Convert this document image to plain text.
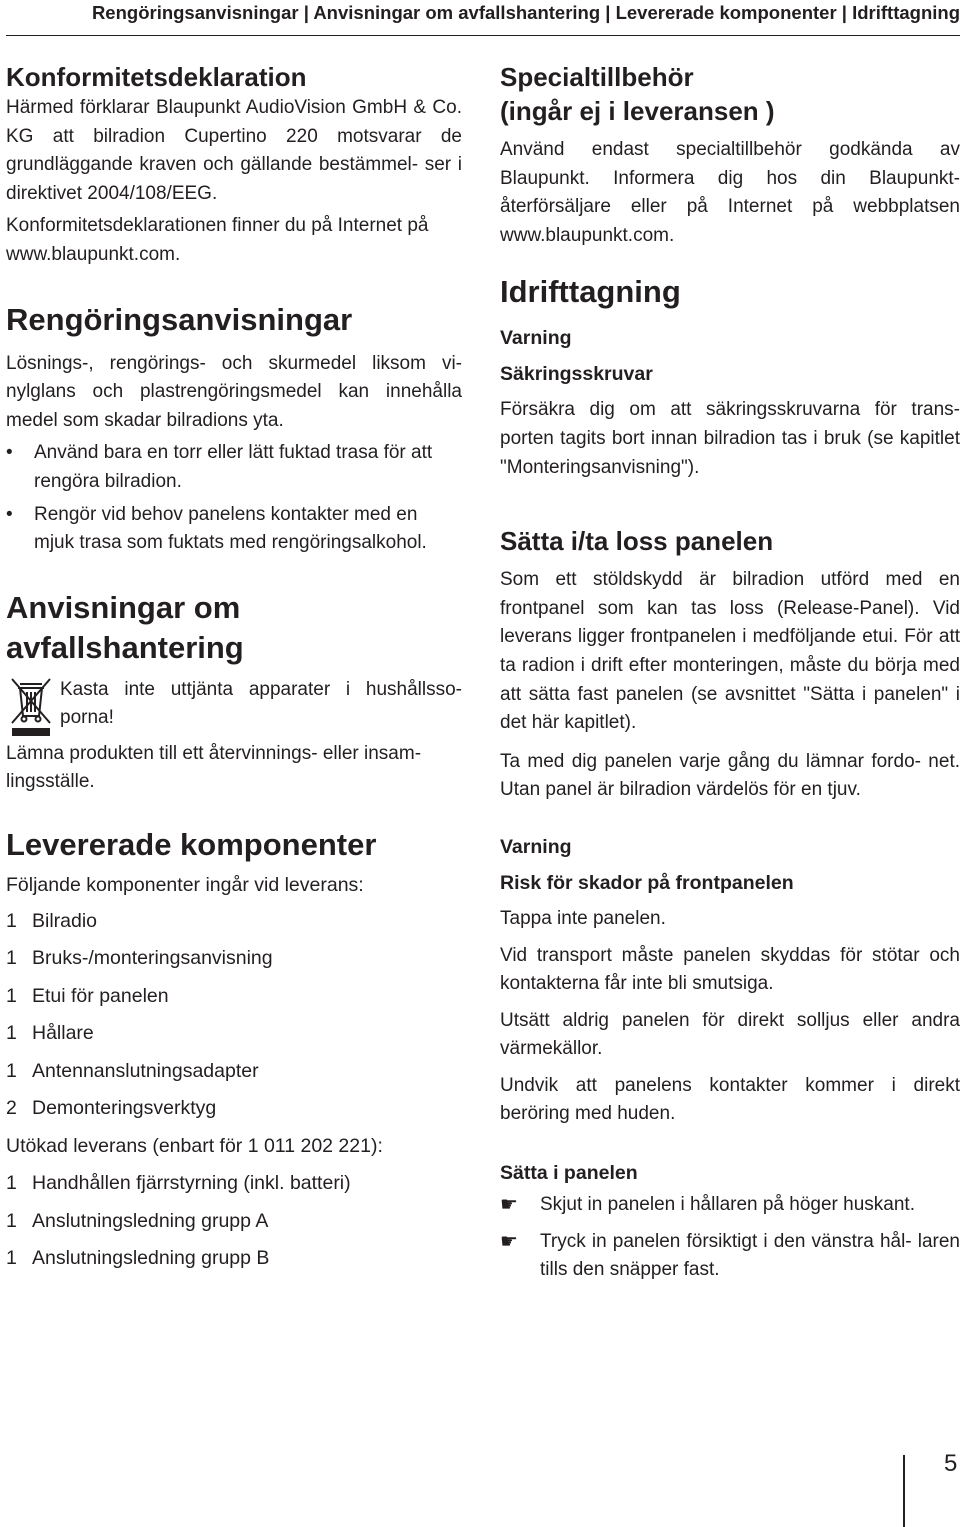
Rengöringsanvisningar | Anvisningar om avfallshantering | Levererade komponenter | Idrifttagning
Konformitetsdeklaration

Härmed förklarar Blaupunkt AudioVision GmbH & Co. KG att bilradion Cupertino 220 motsvarar de grundläggande kraven och gällande bestämmel- ser i direktivet 2004/108/EEG.

Konformitetsdeklarationen finner du på Internet på www.blaupunkt.com.

Rengöringsanvisningar

Lösnings-, rengörings- och skurmedel liksom vi- nylglans och plastrengöringsmedel kan innehålla medel som skadar bilradions yta.

• Använd bara en torr eller lätt fuktad trasa för att rengöra bilradion.
• Rengör vid behov panelens kontakter med en mjuk trasa som fuktats med rengöringsalkohol.
Anvisningar om
avfallshantering

Kasta inte uttjänta apparater i hushållsso- porna!

Lämna produkten till ett återvinnings- eller insam- lingsställe.

Levererade komponenter

Följande komponenter ingår vid leverans:

1 Bilradio
1 Bruks-/monteringsanvisning
1 Etui för panelen
1 Hållare
1 Antennanslutningsadapter
2 Demonteringsverktyg

Utökad leverans (enbart för 1 011 202 221):

1 Handhållen fjärrstyrning (inkl. batteri)
1 Anslutningsledning grupp A
1 Anslutningsledning grupp B
Specialtillbehör
(ingår ej i leveransen )

Använd endast specialtillbehör godkända av Blaupunkt. Informera dig hos din Blaupunkt- återförsäljare eller på Internet på webbplatsen www.blaupunkt.com.

Idrifttagning

Varning

Säkringsskruvar

Försäkra dig om att säkringsskruvarna för trans- porten tagits bort innan bilradion tas i bruk (se kapitlet "Monteringsanvisning").

Sätta i/ta loss panelen

Som ett stöldskydd är bilradion utförd med en frontpanel som kan tas loss (Release-Panel). Vid leverans ligger frontpanelen i medföljande etui. För att ta radion i drift efter monteringen, måste du börja med att sätta fast panelen (se avsnittet "Sätta i panelen" i det här kapitlet).

Ta med dig panelen varje gång du lämnar fordo- net. Utan panel är bilradion värdelös för en tjuv.

Varning

Risk för skador på frontpanelen

Tappa inte panelen.

Vid transport måste panelen skyddas för stötar och kontakterna får inte bli smutsiga.

Utsätt aldrig panelen för direkt solljus eller andra värmekällor.

Undvik att panelens kontakter kommer i direkt beröring med huden.

Sätta i panelen

☛	Skjut in panelen i hållaren på höger huskant.

☛	Tryck in panelen försiktigt i den vänstra hål- laren tills den snäpper fast.

5
